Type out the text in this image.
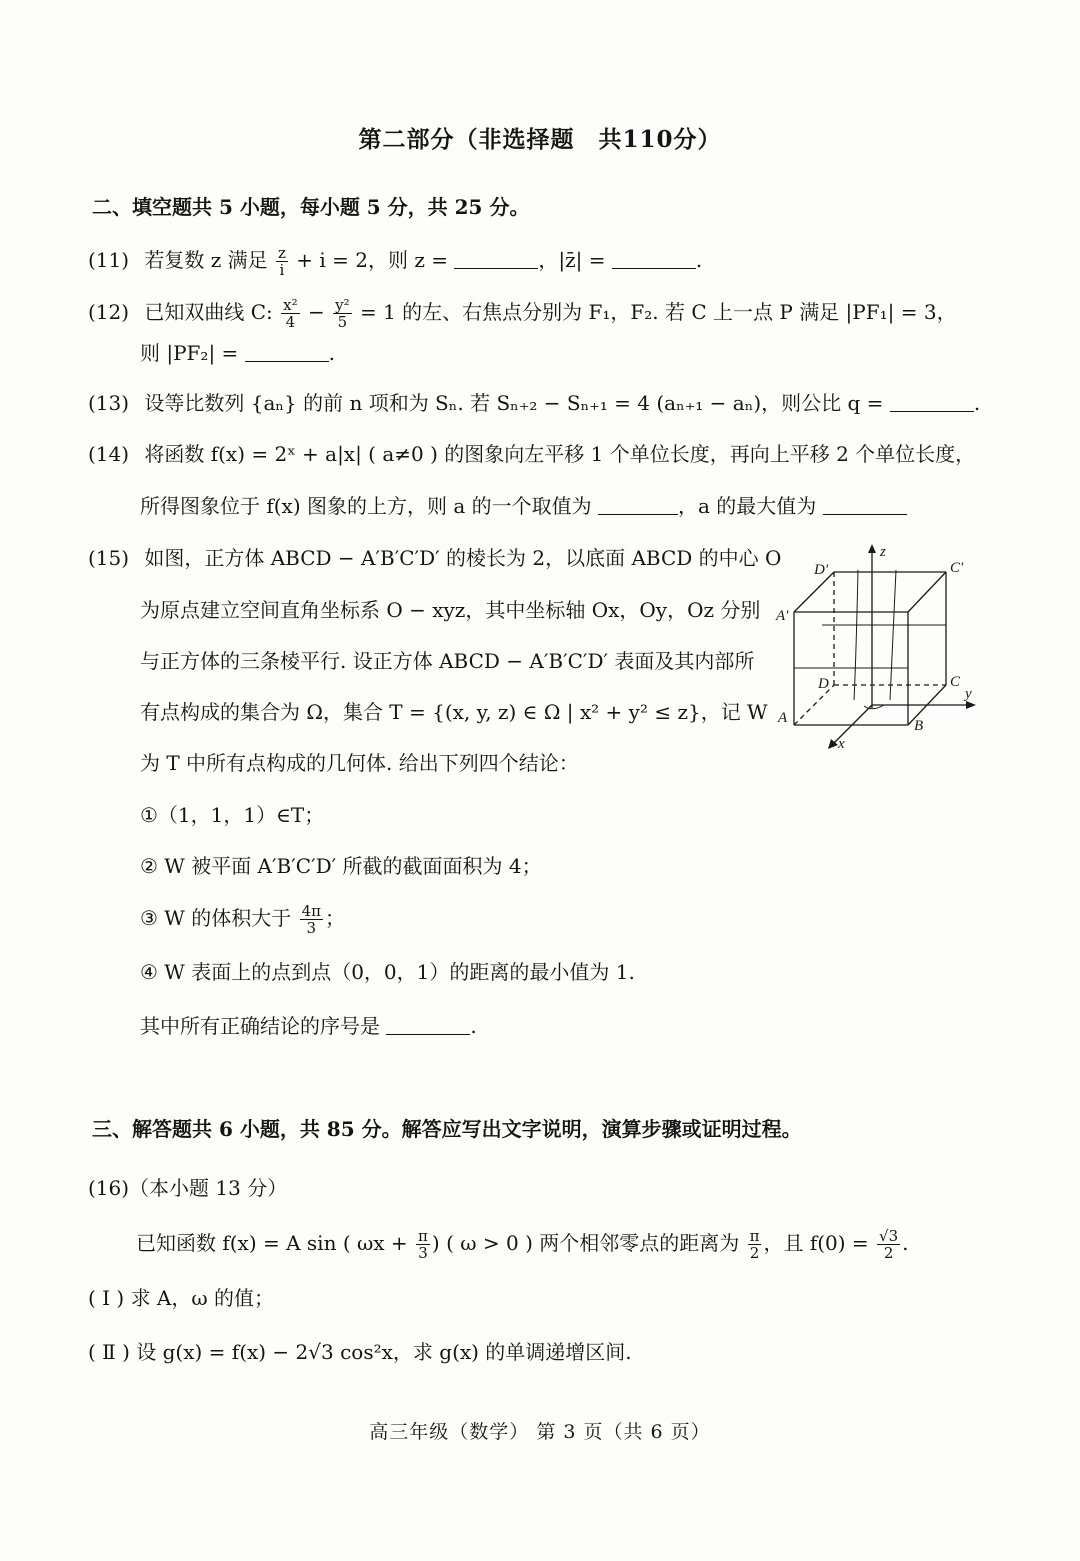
第二部分（非选择题　共110分）
二、填空题共 5 小题，每小题 5 分，共 25 分。
(11) 若复数 z 满足 $\frac{z}{i} + i = 2$，则 z =	，|z̄| =	.
(12) 已知双曲线 C: $\frac{\text{x²}}{4} - \frac{\text{y²}}{5} = 1$ 的左、右焦点分别为 F₁，F₂. 若 C 上一点 P 满足 |PF₁| = 3，
则 |PF₂| =	.
(13) 设等比数列 {aₙ} 的前 n 项和为 Sₙ. 若 Sₙ₊₂ − Sₙ₊₁ = 4 (aₙ₊₁ − aₙ)，则公比 q =	.
(14) 将函数 f(x) = 2ˣ + a|x| ( a≠0 ) 的图象向左平移 1 个单位长度，再向上平移 2 个单位长度，
所得图象位于 f(x) 图象的上方，则 a 的一个取值为	，a 的最大值为
(15) 如图，正方体 ABCD − A′B′C′D′ 的棱长为 2，以底面 ABCD 的中心 O
为原点建立空间直角坐标系 O − xyz，其中坐标轴 Ox，Oy，Oz 分别
与正方体的三条棱平行. 设正方体 ABCD − A′B′C′D′ 表面及其内部所
有点构成的集合为 Ω，集合 T = {(x, y, z) ∈ Ω | x² + y² ≤ z}，记 W
为 T 中所有点构成的几何体. 给出下列四个结论：
①（1，1，1）∈T；
② W 被平面 A′B′C′D′ 所截的截面面积为 4；
③ W 的体积大于 $\frac{4\pi}{3}$ ；
④ W 表面上的点到点（0，0，1）的距离的最小值为 1.
其中所有正确结论的序号是	.
z
y
x
D′	C′
A′
D	C
A	B
三、解答题共 6 小题，共 85 分。解答应写出文字说明，演算步骤或证明过程。
(16)（本小题 13 分）
已知函数 f(x) = A sin ( $\omega x + \frac{\pi}{3}$ ) ( ω > 0 ) 两个相邻零点的距离为 $\frac{\pi}{2}$ ，且 $f(0) = \frac{√3}{2}$ .
( Ⅰ ) 求 A，ω 的值；
( Ⅱ ) 设 g(x) = f(x) − 2√3 cos²x，求 g(x) 的单调递增区间.
高三年级（数学） 第 3 页（共 6 页）
